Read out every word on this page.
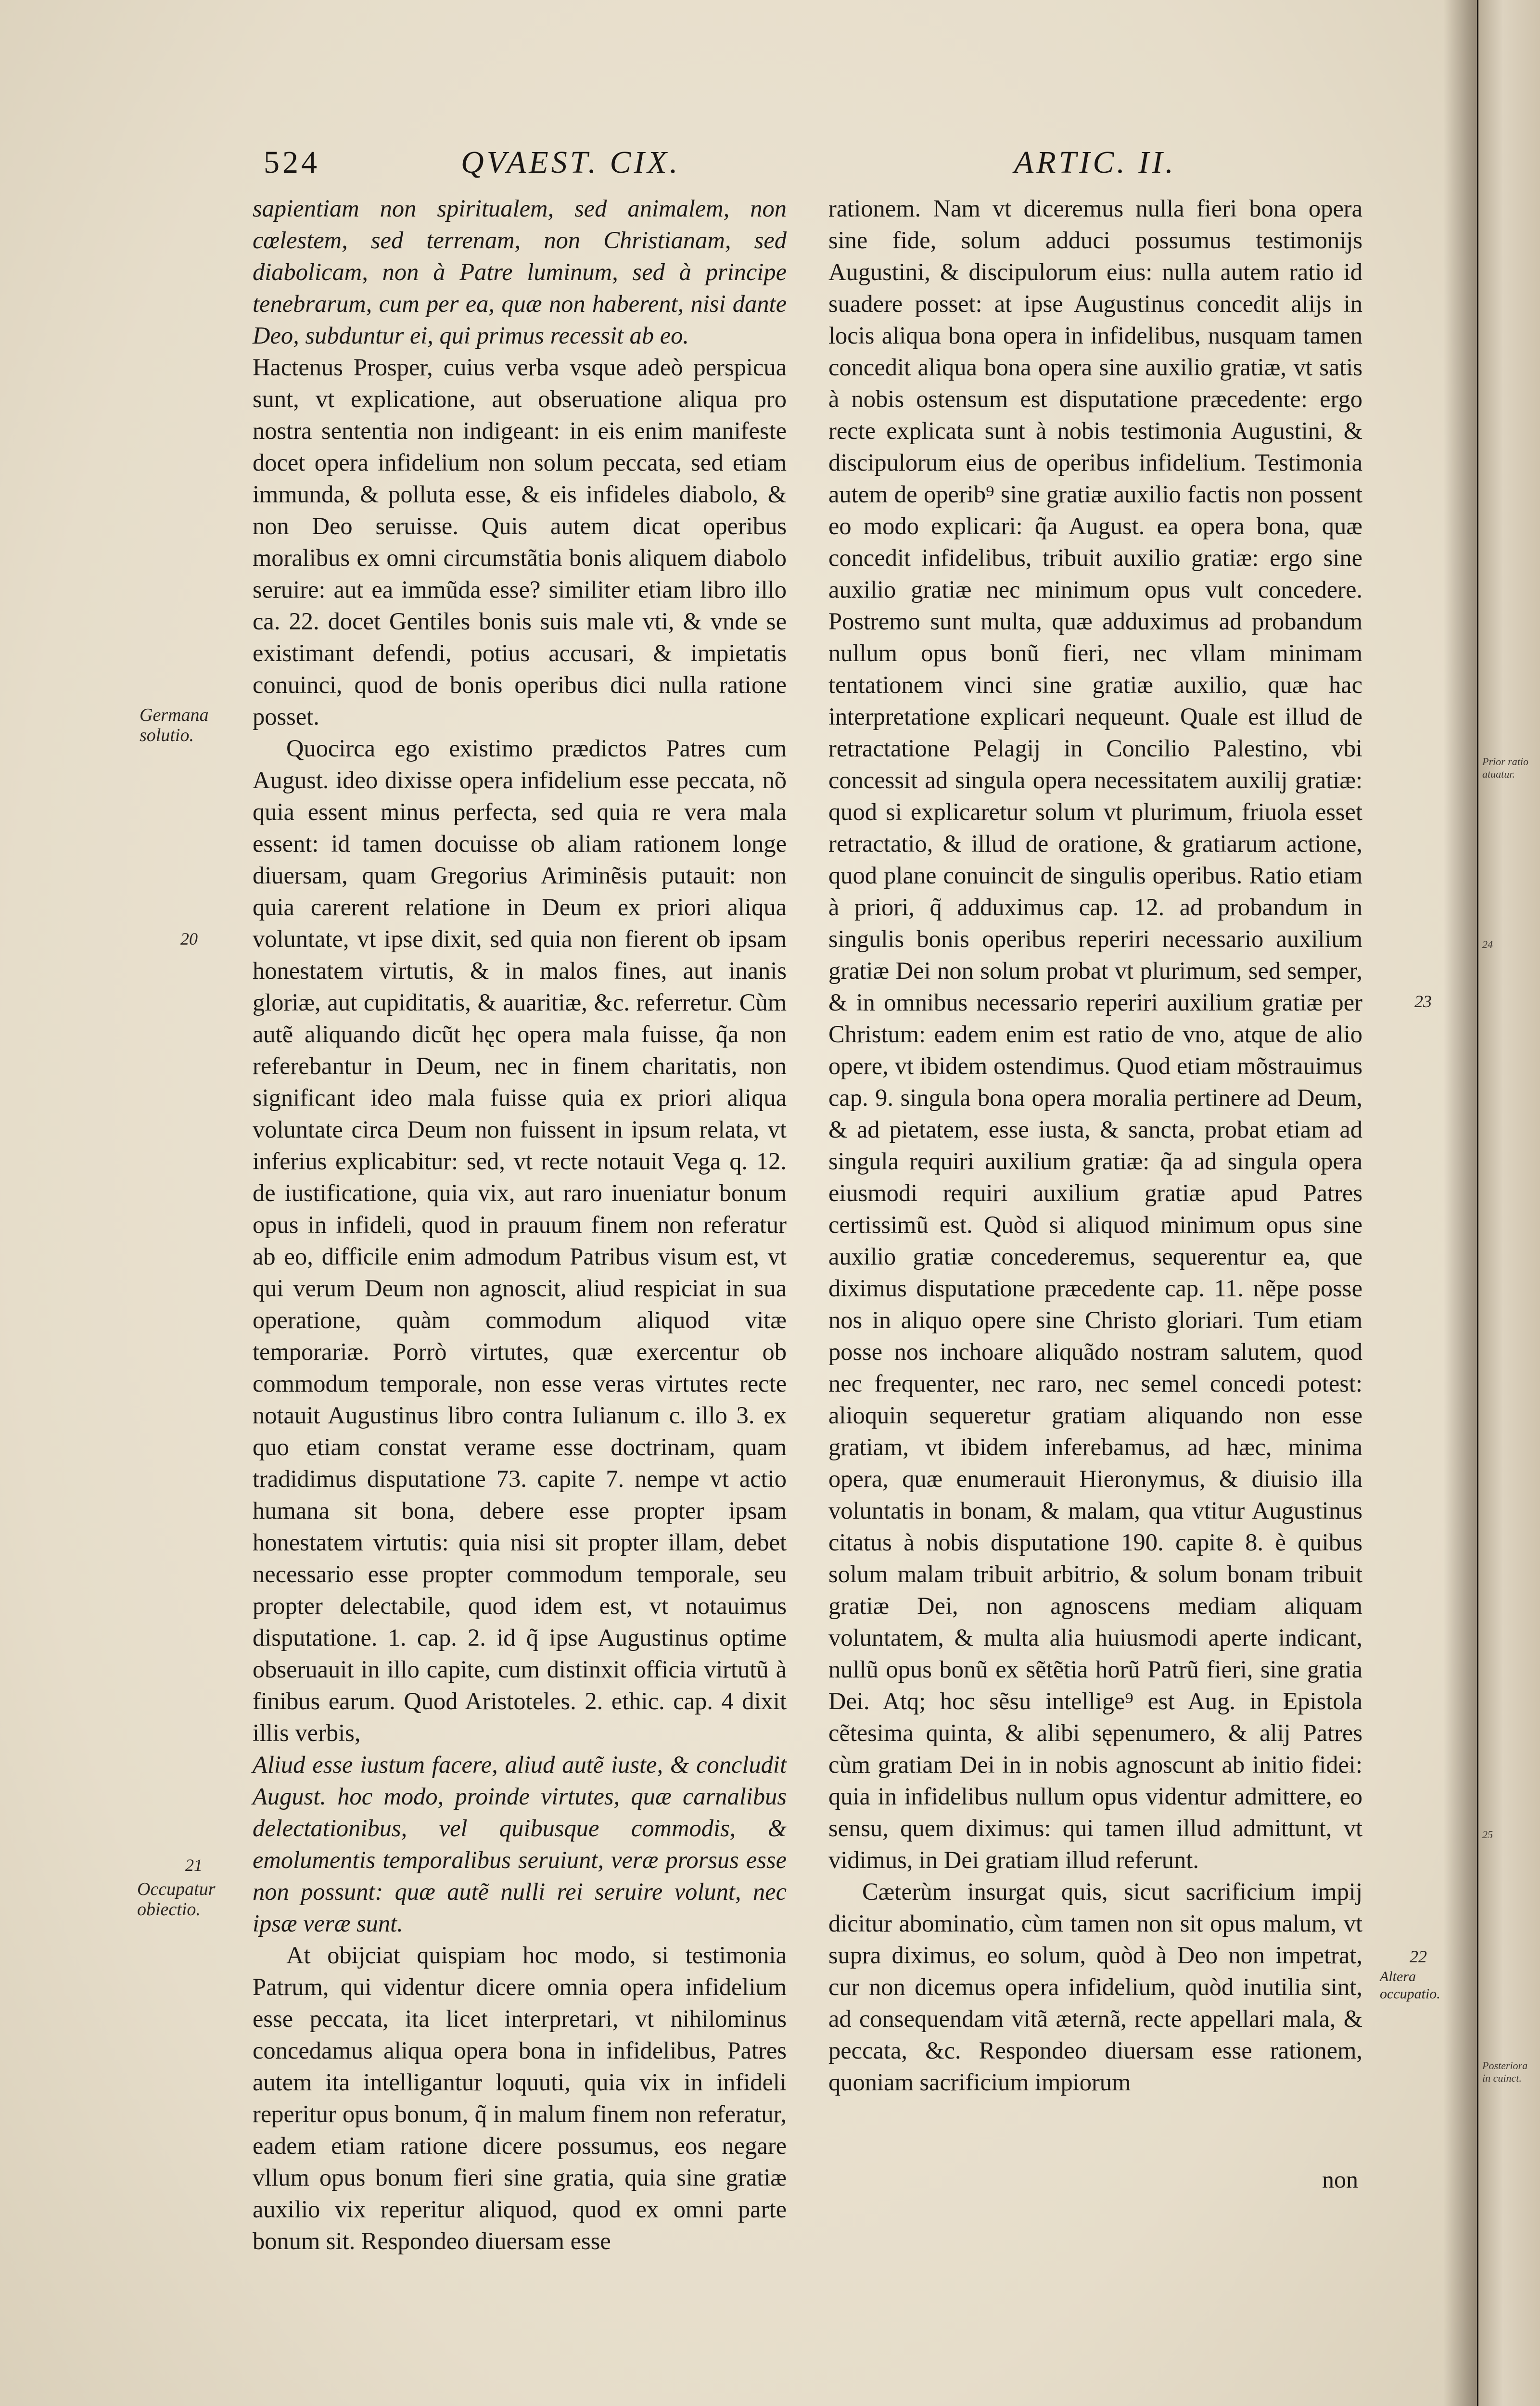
524	QVAEST. CIX.	ARTIC. II.

sapientiam non spiritualem, sed animalem, non cœlestem, sed terrenam, non Christianam, sed diabolicam, non à Patre luminum, sed à principe tenebrarum, cum per ea, quæ non haberent, nisi dante Deo, subduntur ei, qui primus recessit ab eo.

Hactenus Prosper, cuius verba vsque adeò perspicua sunt, vt explicatione, aut obseruatione aliqua pro nostra sententia non indigeant: in eis enim manifeste docet opera infidelium non solum peccata, sed etiam immunda, & polluta esse, & eis infideles diabolo, & non Deo seruisse. Quis autem dicat operibus moralibus ex omni circumstãtia bonis aliquem diabolo seruire: aut ea immũda esse? similiter etiam libro illo ca. 22. docet Gentiles bonis suis male vti, & vnde se existimant defendi, potius accusari, & impietatis conuinci, quod de bonis operibus dici nulla ratione posset.

Quocirca ego existimo prædictos Patres cum August. ideo dixisse opera infidelium esse peccata, nõ quia essent minus perfecta, sed quia re vera mala essent: id tamen docuisse ob aliam rationem longe diuersam, quam Gregorius Ariminẽsis putauit: non quia carerent relatione in Deum ex priori aliqua voluntate, vt ipse dixit, sed quia non fierent ob ipsam honestatem virtutis, & in malos fines, aut inanis gloriæ, aut cupiditatis, & auaritiæ, &c. referretur. Cùm autẽ aliquando dicũt hęc opera mala fuisse, q̃a non referebantur in Deum, nec in finem charitatis, non significant ideo mala fuisse quia ex priori aliqua voluntate circa Deum non fuissent in ipsum relata, vt inferius explicabitur: sed, vt recte notauit Vega q. 12. de iustificatione, quia vix, aut raro inueniatur bonum opus in infideli, quod in prauum finem non referatur ab eo, difficile enim admodum Patribus visum est, vt qui verum Deum non agnoscit, aliud respiciat in sua operatione, quàm commodum aliquod vitæ temporariæ. Porrò virtutes, quæ exercentur ob commodum temporale, non esse veras virtutes recte notauit Augustinus libro contra Iulianum c. illo 3. ex quo etiam constat verame esse doctrinam, quam tradidimus disputatione 73. capite 7. nempe vt actio humana sit bona, debere esse propter ipsam honestatem virtutis: quia nisi sit propter illam, debet necessario esse propter commodum temporale, seu propter delectabile, quod idem est, vt notauimus disputatione. 1. cap. 2. id q̃ ipse Augustinus optime obseruauit in illo capite, cum distinxit officia virtutũ à finibus earum. Quod Aristoteles. 2. ethic. cap. 4 dixit illis verbis,

Aliud esse iustum facere, aliud autẽ iuste, & concludit August. hoc modo, proinde virtutes, quæ carnalibus delectationibus, vel quibusque commodis, & emolumentis temporalibus seruiunt, veræ prorsus esse non possunt: quæ autẽ nulli rei seruire volunt, nec ipsæ veræ sunt.

At obijciat quispiam hoc modo, si testimonia Patrum, qui videntur dicere omnia opera infidelium esse peccata, ita licet interpretari, vt nihilominus concedamus aliqua opera bona in infidelibus, Patres autem ita intelligantur loquuti, quia vix in infideli reperitur opus bonum, q̃ in malum finem non referatur, eadem etiam ratione dicere possumus, eos negare vllum opus bonum fieri sine gratia, quia sine gratiæ auxilio vix reperitur aliquod, quod ex omni parte bonum sit. Respondeo diuersam esse

rationem. Nam vt diceremus nulla fieri bona opera sine fide, solum adduci possumus testimonijs Augustini, & discipulorum eius: nulla autem ratio id suadere posset: at ipse Augustinus concedit alijs in locis aliqua bona opera in infidelibus, nusquam tamen concedit aliqua bona opera sine auxilio gratiæ, vt satis à nobis ostensum est disputatione præcedente: ergo recte explicata sunt à nobis testimonia Augustini, & discipulorum eius de operibus infidelium. Testimonia autem de operib⁹ sine gratiæ auxilio factis non possent eo modo explicari: q̃a August. ea opera bona, quæ concedit infidelibus, tribuit auxilio gratiæ: ergo sine auxilio gratiæ nec minimum opus vult concedere. Postremo sunt multa, quæ adduximus ad probandum nullum opus bonũ fieri, nec vllam minimam tentationem vinci sine gratiæ auxilio, quæ hac interpretatione explicari nequeunt. Quale est illud de retractatione Pelagij in Concilio Palestino, vbi concessit ad singula opera necessitatem auxilij gratiæ: quod si explicaretur solum vt plurimum, friuola esset retractatio, & illud de oratione, & gratiarum actione, quod plane conuincit de singulis operibus. Ratio etiam à priori, q̃ adduximus cap. 12. ad probandum in singulis bonis operibus reperiri necessario auxilium gratiæ Dei non solum probat vt plurimum, sed semper, & in omnibus necessario reperiri auxilium gratiæ per Christum: eadem enim est ratio de vno, atque de alio opere, vt ibidem ostendimus. Quod etiam mõstrauimus cap. 9. singula bona opera moralia pertinere ad Deum, & ad pietatem, esse iusta, & sancta, probat etiam ad singula requiri auxilium gratiæ: q̃a ad singula opera eiusmodi requiri auxilium gratiæ apud Patres certissimũ est. Quòd si aliquod minimum opus sine auxilio gratiæ concederemus, sequerentur ea, que diximus disputatione præcedente cap. 11. nẽpe posse nos in aliquo opere sine Christo gloriari. Tum etiam posse nos inchoare aliquãdo nostram salutem, quod nec frequenter, nec raro, nec semel concedi potest: alioquin sequeretur gratiam aliquando non esse gratiam, vt ibidem inferebamus, ad hæc, minima opera, quæ enumerauit Hieronymus, & diuisio illa voluntatis in bonam, & malam, qua vtitur Augustinus citatus à nobis disputatione 190. capite 8. è quibus solum malam tribuit arbitrio, & solum bonam tribuit gratiæ Dei, non agnoscens mediam aliquam voluntatem, & multa alia huiusmodi aperte indicant, nullũ opus bonũ ex sẽtẽtia horũ Patrũ fieri, sine gratia Dei. Atq; hoc sẽsu intellige⁹ est Aug. in Epistola cẽtesima quinta, & alibi sępenumero, & alij Patres cùm gratiam Dei in in nobis agnoscunt ab initio fidei: quia in infidelibus nullum opus videntur admittere, eo sensu, quem diximus: qui tamen illud admittunt, vt vidimus, in Dei gratiam illud referunt.

Cæterùm insurgat quis, sicut sacrificium impij dicitur abominatio, cùm tamen non sit opus malum, vt supra diximus, eo solum, quòd à Deo non impetrat, cur non dicemus opera infidelium, quòd inutilia sint, ad consequendam vitã æternã, recte appellari mala, & peccata, &c. Respondeo diuersam esse rationem, quoniam sacrificium impiorum

non
Germana solutio.
20
21
Occupatur obiectio.
22
Altera occupatio.
23
Prior ratio atuatur.
24
25
Posteriora in cuinct.
